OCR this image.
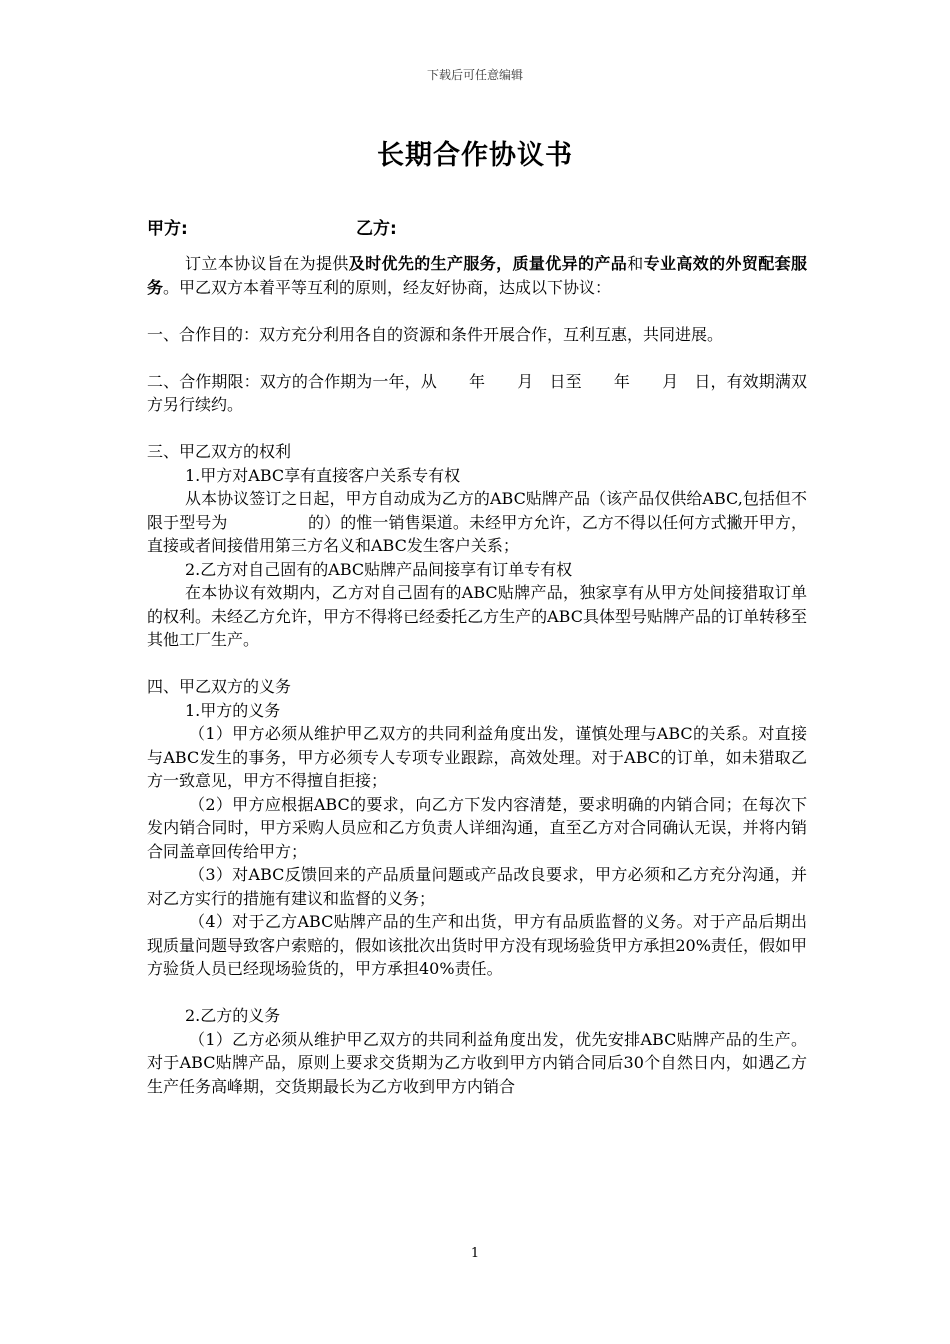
下载后可任意编辑
长期合作协议书
甲方:	乙方:

订立本协议旨在为提供及时优先的生产服务，质量优异的产品和专业高效的外贸配套服务。甲乙双方本着平等互利的原则，经友好协商，达成以下协议：

一、合作目的：双方充分利用各自的资源和条件开展合作，互利互惠，共同进展。

二、合作期限：双方的合作期为一年，从　　年　　月　日至　　年　　月　日，有效期满双方另行续约。

三、甲乙双方的权利

1.甲方对ABC享有直接客户关系专有权

从本协议签订之日起，甲方自动成为乙方的ABC贴牌产品（该产品仅供给ABC,包括但不限于型号为　　　　　的）的惟一销售渠道。未经甲方允许，乙方不得以任何方式撇开甲方，直接或者间接借用第三方名义和ABC发生客户关系；

2.乙方对自己固有的ABC贴牌产品间接享有订单专有权

在本协议有效期内，乙方对自己固有的ABC贴牌产品，独家享有从甲方处间接猎取订单的权利。未经乙方允许，甲方不得将已经委托乙方生产的ABC具体型号贴牌产品的订单转移至其他工厂生产。

四、甲乙双方的义务

1.甲方的义务

（1）甲方必须从维护甲乙双方的共同利益角度出发，谨慎处理与ABC的关系。对直接与ABC发生的事务，甲方必须专人专项专业跟踪，高效处理。对于ABC的订单，如未猎取乙方一致意见，甲方不得擅自拒接；

（2）甲方应根据ABC的要求，向乙方下发内容清楚，要求明确的内销合同；在每次下发内销合同时，甲方采购人员应和乙方负责人详细沟通，直至乙方对合同确认无误，并将内销合同盖章回传给甲方；

（3）对ABC反馈回来的产品质量问题或产品改良要求，甲方必须和乙方充分沟通，并对乙方实行的措施有建议和监督的义务；

（4）对于乙方ABC贴牌产品的生产和出货，甲方有品质监督的义务。对于产品后期出现质量问题导致客户索赔的，假如该批次出货时甲方没有现场验货甲方承担20%责任，假如甲方验货人员已经现场验货的，甲方承担40%责任。

2.乙方的义务

（1）乙方必须从维护甲乙双方的共同利益角度出发，优先安排ABC贴牌产品的生产。对于ABC贴牌产品，原则上要求交货期为乙方收到甲方内销合同后30个自然日内，如遇乙方生产任务高峰期，交货期最长为乙方收到甲方内销合

1
